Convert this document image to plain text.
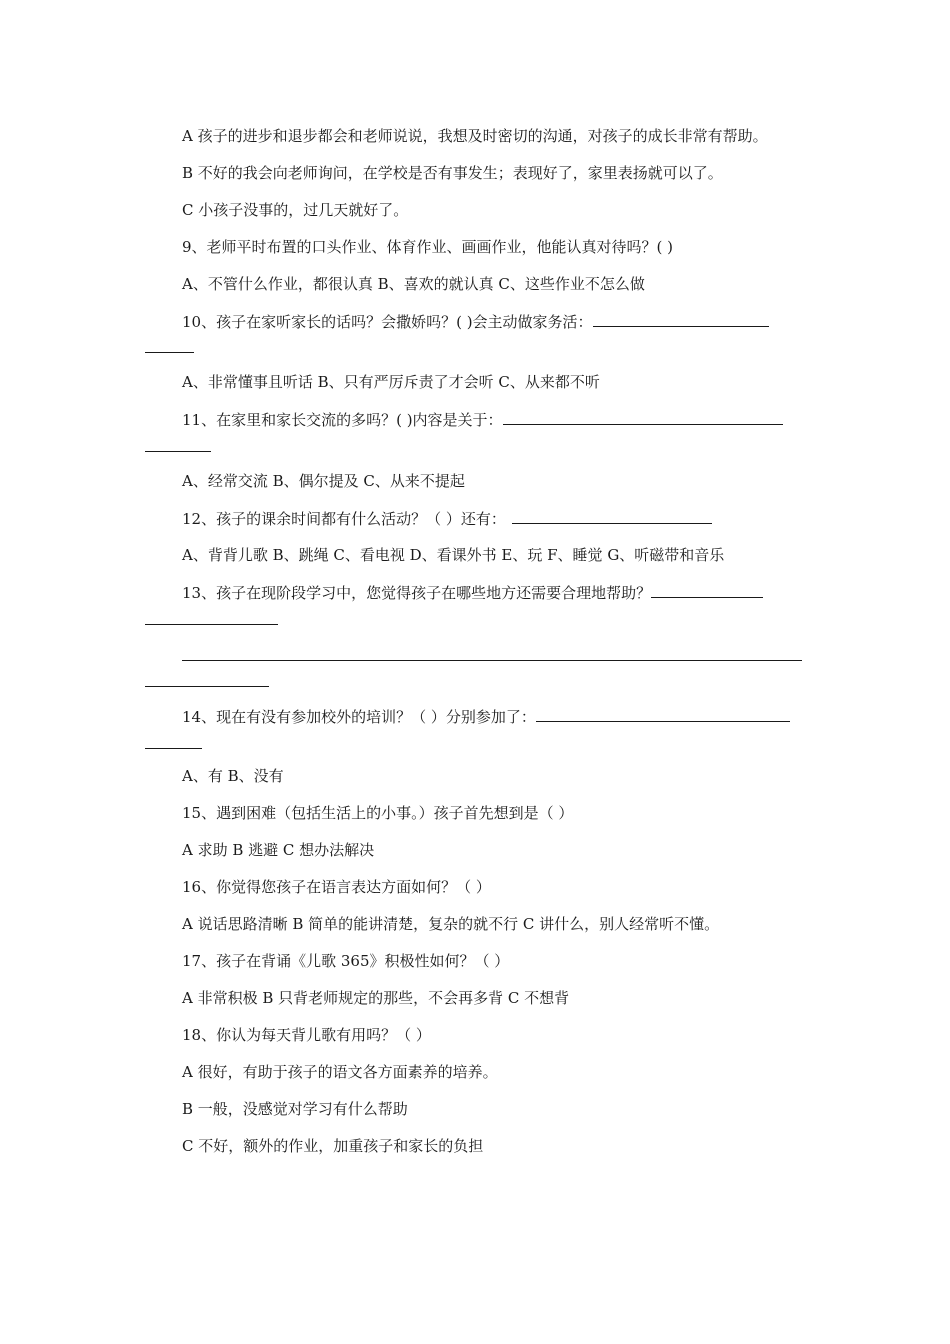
A 孩子的进步和退步都会和老师说说，我想及时密切的沟通，对孩子的成长非常有帮助。
B 不好的我会向老师询问，在学校是否有事发生；表现好了，家里表扬就可以了。
C 小孩子没事的，过几天就好了。
9、老师平时布置的口头作业、体育作业、画画作业，他能认真对待吗？( )
A、不管什么作业，都很认真 B、喜欢的就认真 C、这些作业不怎么做
10、孩子在家听家长的话吗？会撒娇吗？( )会主动做家务活：
A、非常懂事且听话 B、只有严厉斥责了才会听 C、从来都不听
11、在家里和家长交流的多吗？( )内容是关于：
A、经常交流 B、偶尔提及 C、从来不提起
12、孩子的课余时间都有什么活动？（ ）还有：
A、背背儿歌 B、跳绳 C、看电视 D、看课外书 E、玩 F、睡觉 G、听磁带和音乐
13、孩子在现阶段学习中，您觉得孩子在哪些地方还需要合理地帮助？
14、现在有没有参加校外的培训？（ ）分别参加了：
A、有 B、没有
15、遇到困难（包括生活上的小事。）孩子首先想到是（ ）
A 求助 B 逃避 C 想办法解决
16、你觉得您孩子在语言表达方面如何？（ ）
A 说话思路清晰 B 简单的能讲清楚，复杂的就不行 C 讲什么，别人经常听不懂。
17、孩子在背诵《儿歌 365》积极性如何？（ ）
A 非常积极 B 只背老师规定的那些，不会再多背 C 不想背
18、你认为每天背儿歌有用吗？（ ）
A 很好，有助于孩子的语文各方面素养的培养。
B 一般，没感觉对学习有什么帮助
C 不好，额外的作业，加重孩子和家长的负担
